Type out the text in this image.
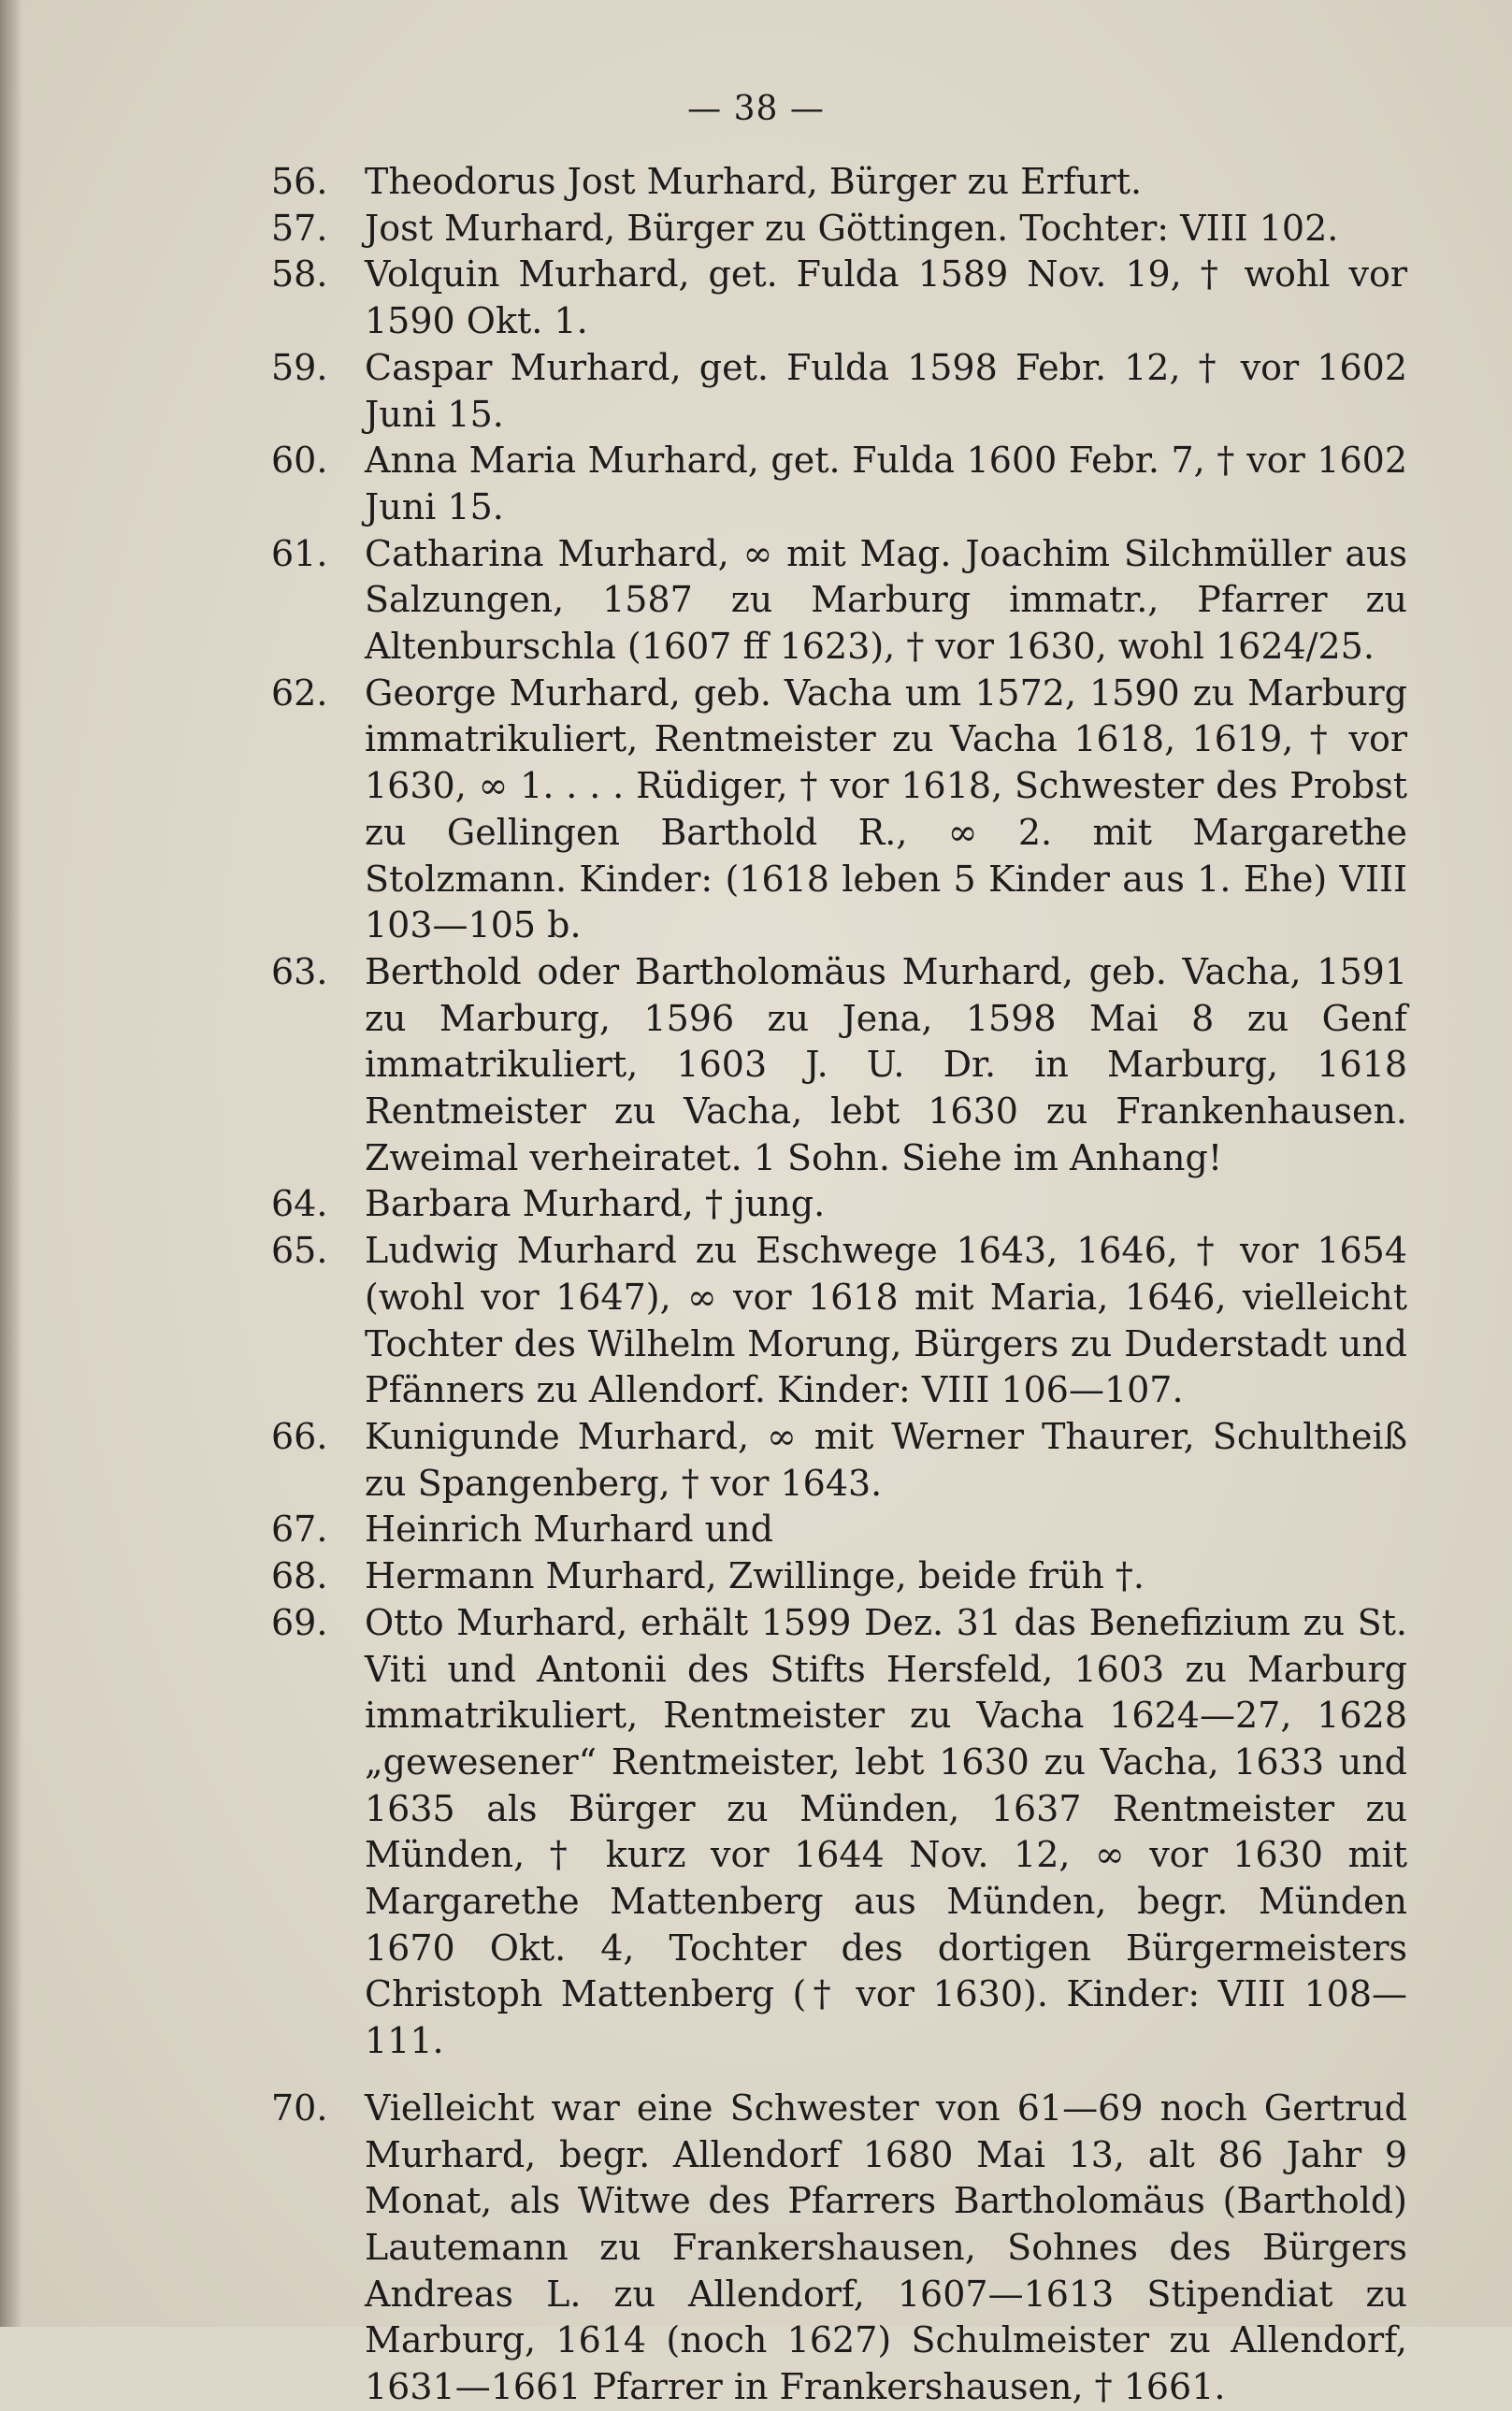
— 38 —
56.	Theodorus Jost Murhard, Bürger zu Erfurt.
57.	Jost Murhard, Bürger zu Göttingen. Tochter: VIII 102.
58.	Volquin Murhard, get. Fulda 1589 Nov. 19, † wohl vor 1590 Okt. 1.
59.	Caspar Murhard, get. Fulda 1598 Febr. 12, † vor 1602 Juni 15.
60.	Anna Maria Murhard, get. Fulda 1600 Febr. 7, † vor 1602 Juni 15.
61.	Catharina Murhard, ∞ mit Mag. Joachim Silchmüller aus Salzungen, 1587 zu Marburg immatr., Pfarrer zu Altenburschla (1607 ff 1623), † vor 1630, wohl 1624/25.
62.	George Murhard, geb. Vacha um 1572, 1590 zu Marburg immatrikuliert, Rentmeister zu Vacha 1618, 1619, † vor 1630, ∞ 1. . . . Rüdiger, † vor 1618, Schwester des Probst zu Gellingen Barthold R., ∞ 2. mit Margarethe Stolzmann. Kinder: (1618 leben 5 Kinder aus 1. Ehe) VIII 103—105 b.
63.	Berthold oder Bartholomäus Murhard, geb. Vacha, 1591 zu Marburg, 1596 zu Jena, 1598 Mai 8 zu Genf immatrikuliert, 1603 J. U. Dr. in Marburg, 1618 Rentmeister zu Vacha, lebt 1630 zu Frankenhausen. Zweimal verheiratet. 1 Sohn. Siehe im Anhang!
64.	Barbara Murhard, † jung.
65.	Ludwig Murhard zu Eschwege 1643, 1646, † vor 1654 (wohl vor 1647), ∞ vor 1618 mit Maria, 1646, vielleicht Tochter des Wilhelm Morung, Bürgers zu Duderstadt und Pfänners zu Allendorf. Kinder: VIII 106—107.
66.	Kunigunde Murhard, ∞ mit Werner Thaurer, Schultheiß zu Spangenberg, † vor 1643.
67.	Heinrich Murhard und
68.	Hermann Murhard, Zwillinge, beide früh †.
69.	Otto Murhard, erhält 1599 Dez. 31 das Benefizium zu St. Viti und Antonii des Stifts Hersfeld, 1603 zu Marburg immatrikuliert, Rentmeister zu Vacha 1624—27, 1628 „gewesener“ Rentmeister, lebt 1630 zu Vacha, 1633 und 1635 als Bürger zu Münden, 1637 Rentmeister zu Münden, † kurz vor 1644 Nov. 12, ∞ vor 1630 mit Margarethe Mattenberg aus Münden, begr. Münden 1670 Okt. 4, Tochter des dortigen Bürgermeisters Christoph Mattenberg († vor 1630). Kinder: VIII 108—111.
70.	Vielleicht war eine Schwester von 61—69 noch Gertrud Murhard, begr. Allendorf 1680 Mai 13, alt 86 Jahr 9 Monat, als Witwe des Pfarrers Bartholomäus (Barthold) Lautemann zu Frankershausen, Sohnes des Bürgers Andreas L. zu Allendorf, 1607—1613 Stipendiat zu Marburg, 1614 (noch 1627) Schulmeister zu Allendorf, 1631—1661 Pfarrer in Frankershausen, † 1661.
